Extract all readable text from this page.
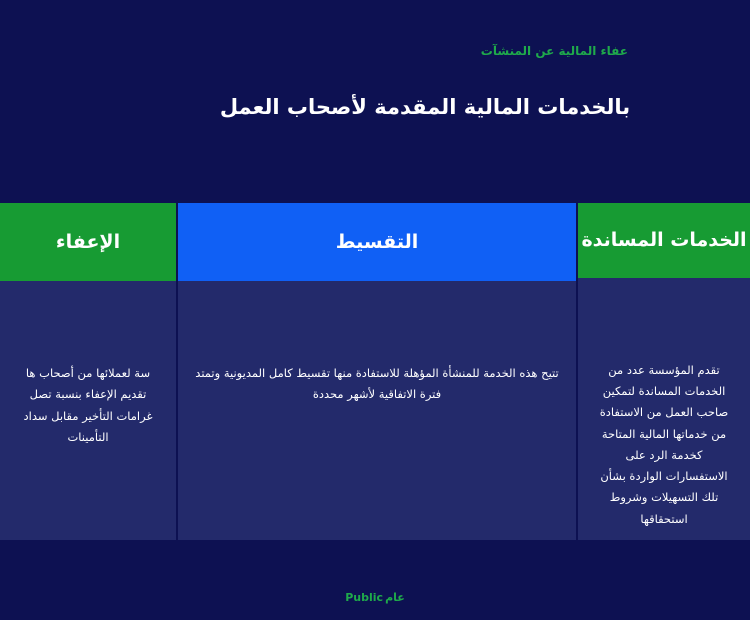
عفاء المالية عن المنشآت
بالخدمات المالية المقدمة لأصحاب العمل
الخدمات المساندة

تقدم المؤسسة عدد من الخدمات المساندة لتمكين صاحب العمل من الاستفادة من خدماتها المالية المتاحة كخدمة الرد على الاستفسارات الواردة بشأن تلك التسهيلات وشروط استحقاقها

التقسيط

تتيح هذه الخدمة للمنشأة المؤهلة للاستفادة منها تقسيط كامل المديونية وتمتد فترة الاتفاقية لأشهر محددة

الإعفاء

سة لعملائها من أصحاب ها تقديم الإعفاء بنسبة تصل غرامات التأخير مقابل سداد التأمينات

عامPublic
